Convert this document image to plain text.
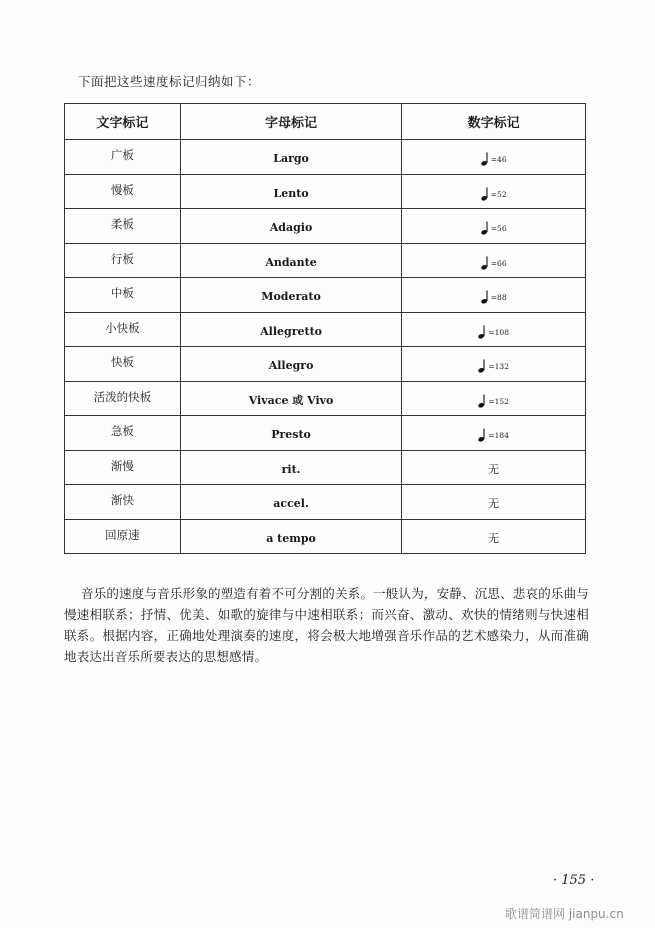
下面把这些速度标记归纳如下：
文字标记	字母标记	数字标记
广板	Largo	=46
慢板	Lento	=52
柔板	Adagio	=56
行板	Andante	=66
中板	Moderato	=88
小快板	Allegretto	=108
快板	Allegro	=132
活泼的快板	Vivace 或 Vivo	=152
急板	Presto	=184
渐慢	rit.	无
渐快	accel.	无
回原速	a tempo	无

音乐的速度与音乐形象的塑造有着不可分割的关系。一般认为，安静、沉思、悲哀的乐曲与慢速相联系；抒情、优美、如歌的旋律与中速相联系；而兴奋、激动、欢快的情绪则与快速相联系。根据内容，正确地处理演奏的速度，将会极大地增强音乐作品的艺术感染力，从而准确地表达出音乐所要表达的思想感情。

· 155 ·
歌谱简谱网 jianpu.cn
